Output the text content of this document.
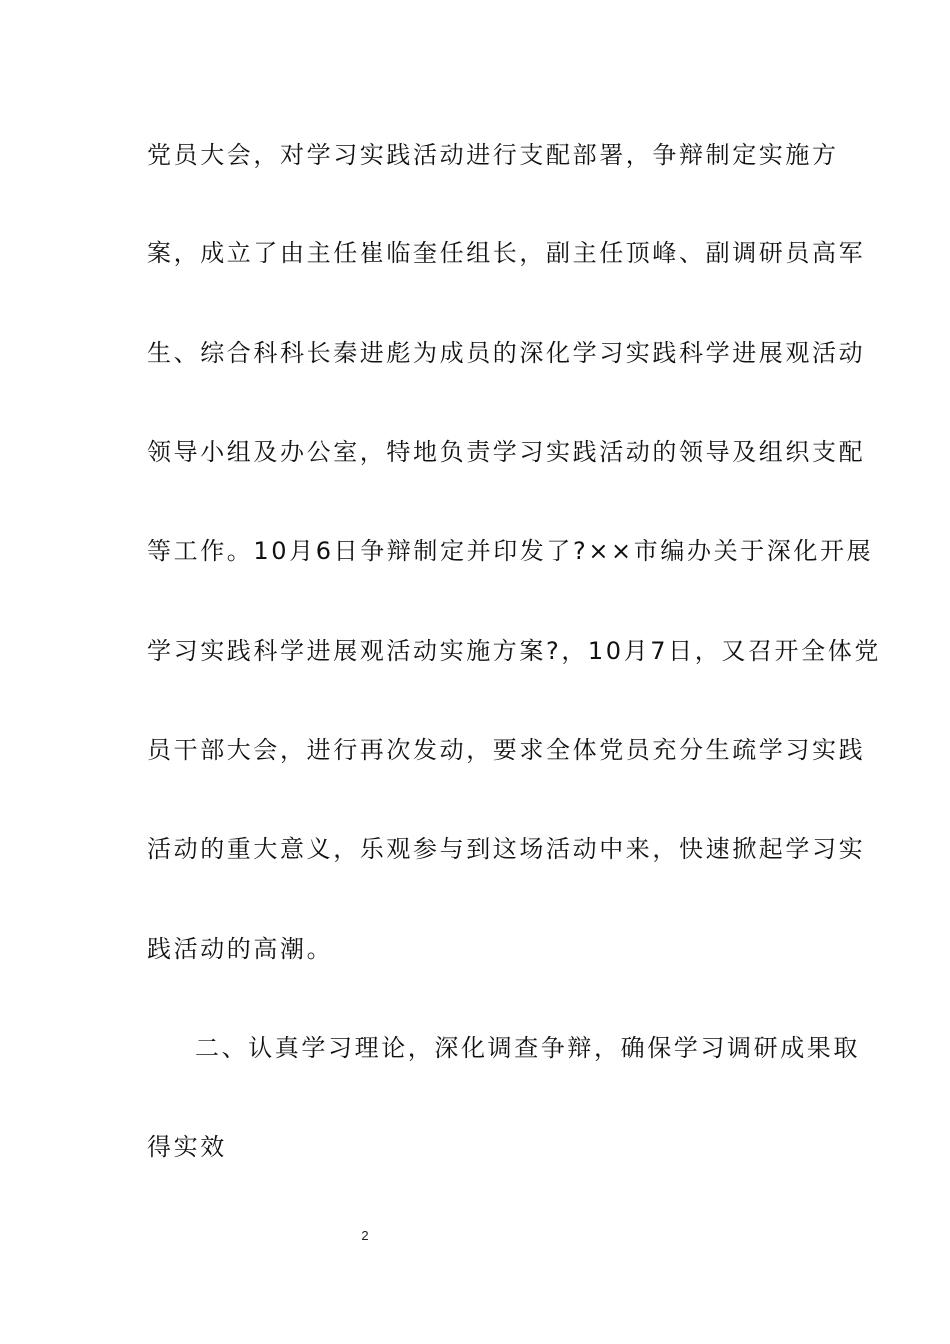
党员大会，对学习实践活动进行支配部署，争辩制定实施方
案，成立了由主任崔临奎任组长，副主任顶峰、副调研员高军
生、综合科科长秦进彪为成员的深化学习实践科学进展观活动
领导小组及办公室，特地负责学习实践活动的领导及组织支配
等工作。10月6日争辩制定并印发了?××市编办关于深化开展
学习实践科学进展观活动实施方案?，10月7日，又召开全体党
员干部大会，进行再次发动，要求全体党员充分生疏学习实践
活动的重大意义，乐观参与到这场活动中来，快速掀起学习实
践活动的高潮。
二、认真学习理论，深化调查争辩，确保学习调研成果取
得实效
2
